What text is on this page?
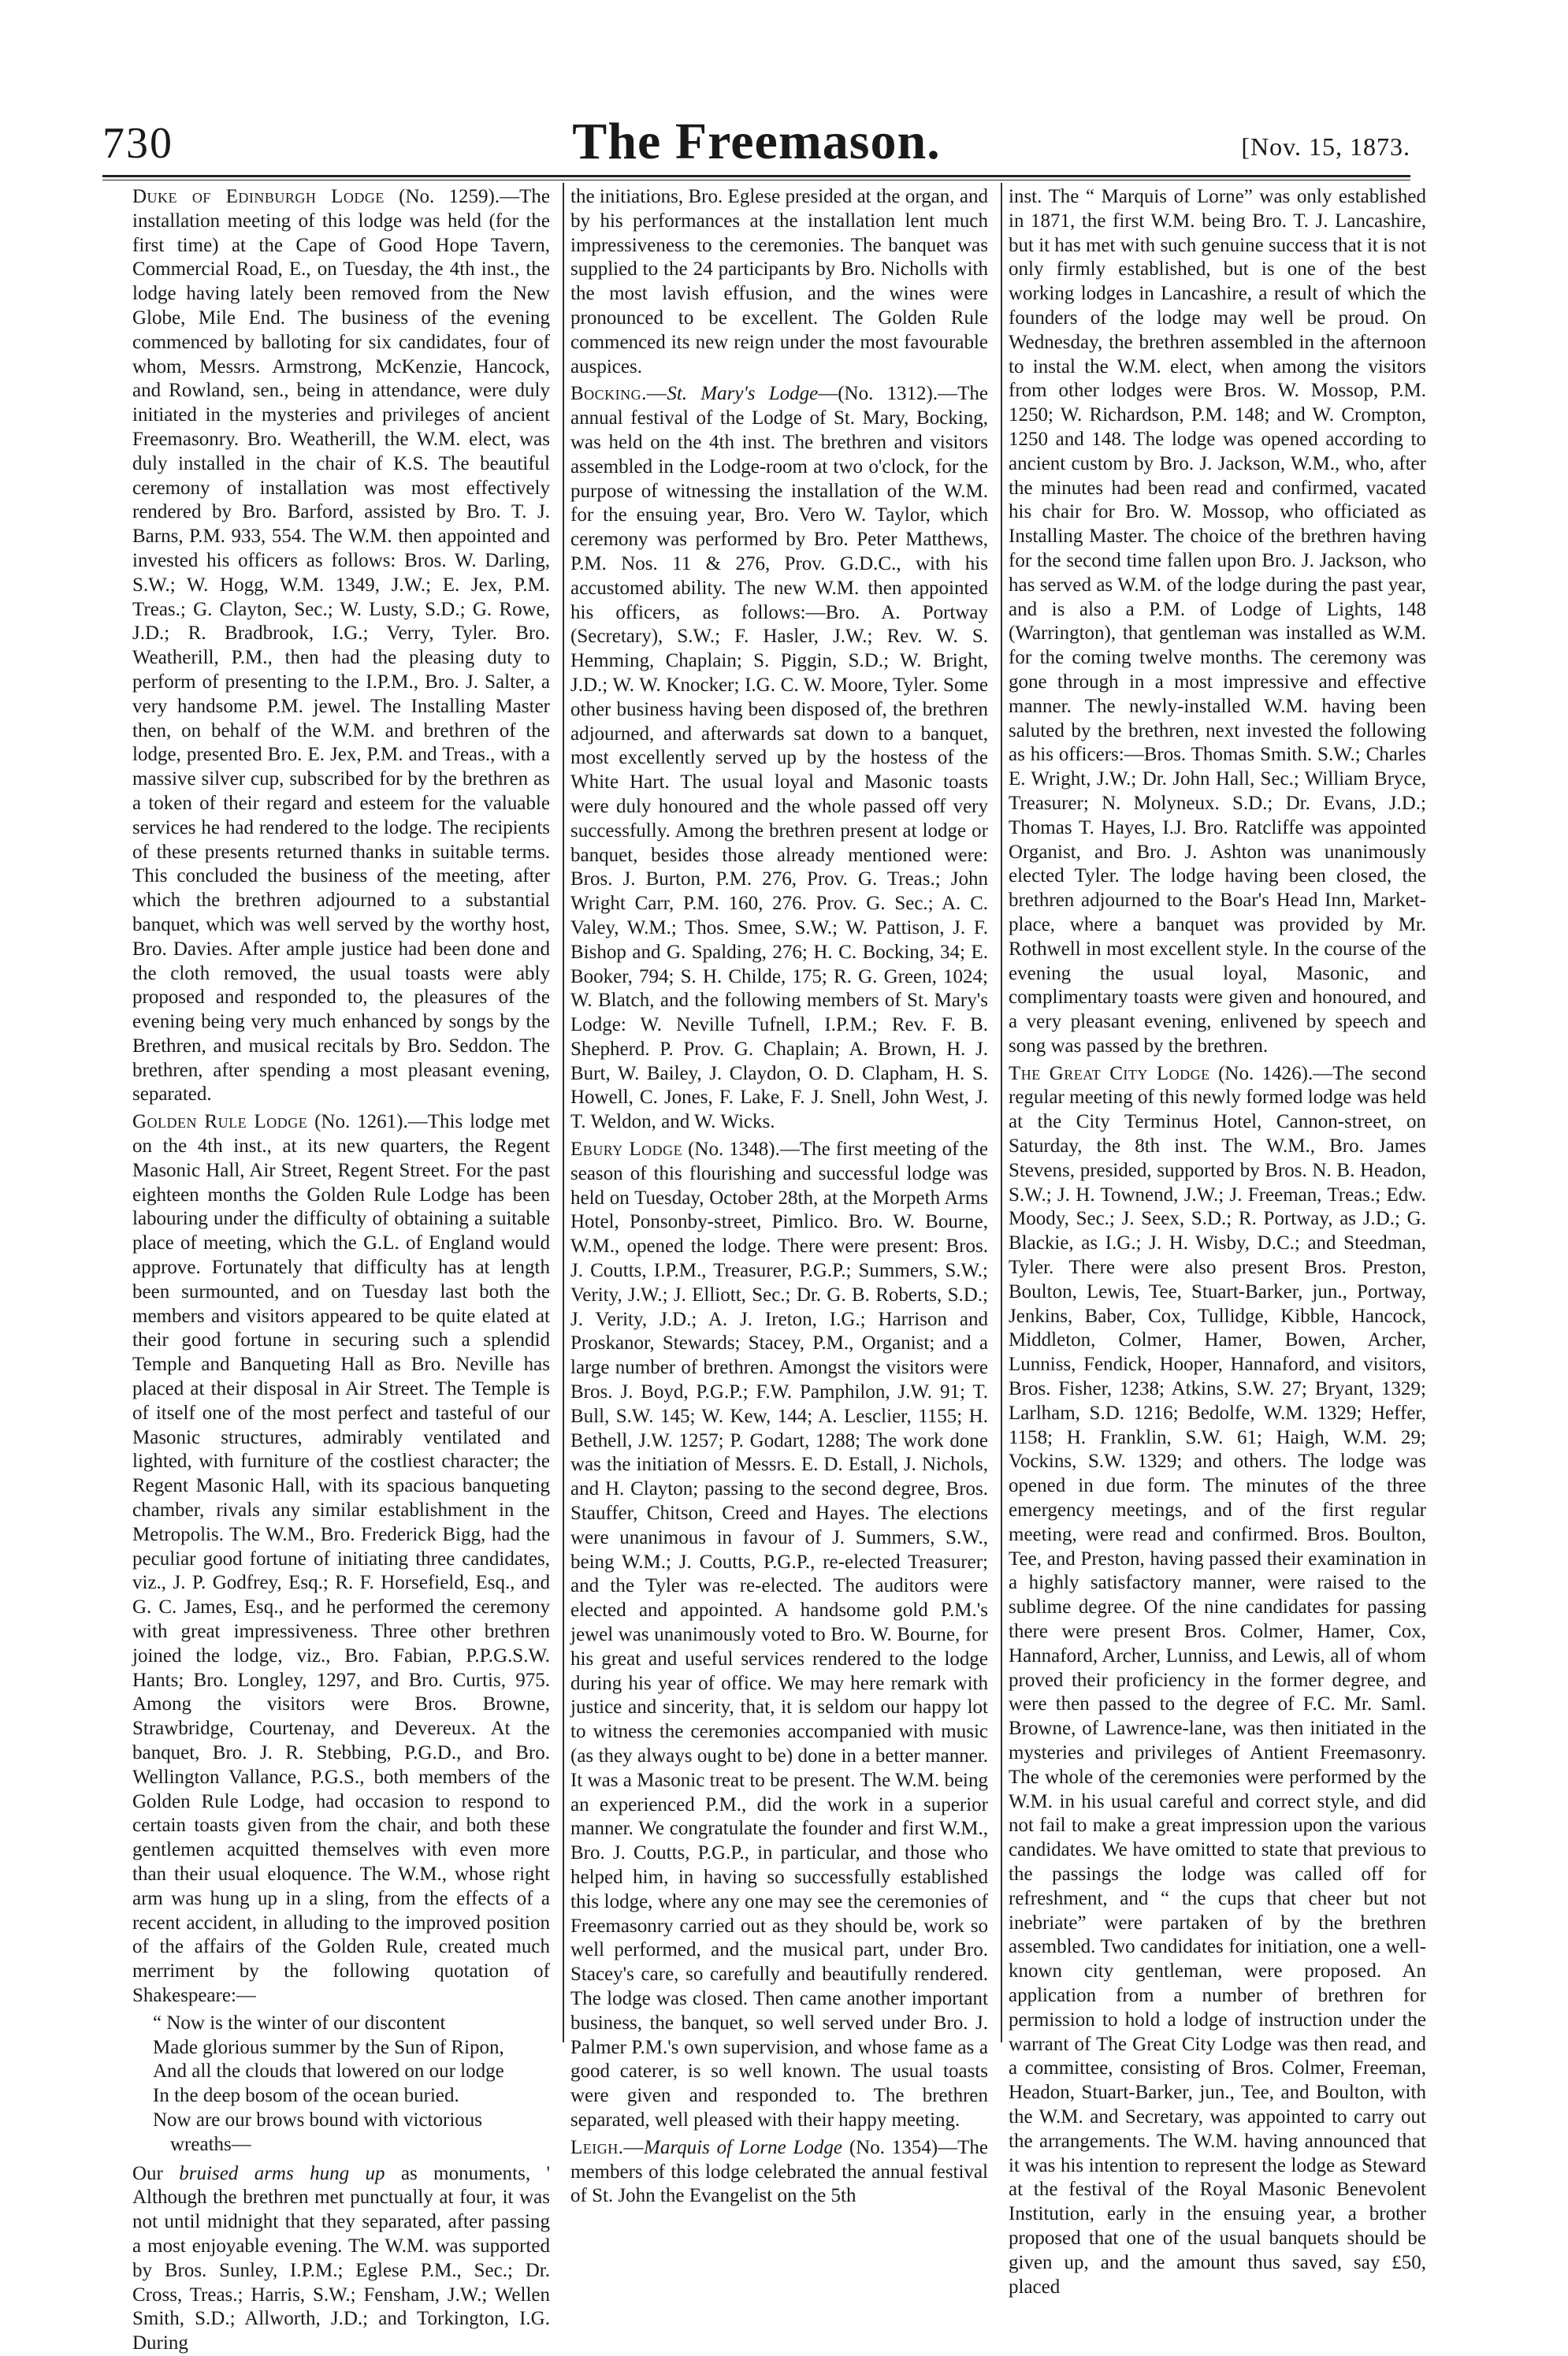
730	The Freemason.	[Nov. 15, 1873.

Duke of Edinburgh Lodge (No. 1259).—The installation meeting of this lodge was held (for the first time) at the Cape of Good Hope Tavern, Commercial Road, E., on Tuesday, the 4th inst., the lodge having lately been removed from the New Globe, Mile End. The business of the evening commenced by balloting for six candidates, four of whom, Messrs. Armstrong, McKenzie, Hancock, and Rowland, sen., being in attendance, were duly initiated in the mysteries and privileges of ancient Freemasonry. Bro. Weatherill, the W.M. elect, was duly installed in the chair of K.S. The beautiful ceremony of installation was most effectively rendered by Bro. Barford, assisted by Bro. T. J. Barns, P.M. 933, 554. The W.M. then appointed and invested his officers as follows: Bros. W. Darling, S.W.; W. Hogg, W.M. 1349, J.W.; E. Jex, P.M. Treas.; G. Clayton, Sec.; W. Lusty, S.D.; G. Rowe, J.D.; R. Bradbrook, I.G.; Verry, Tyler. Bro. Weatherill, P.M., then had the pleasing duty to perform of presenting to the I.P.M., Bro. J. Salter, a very handsome P.M. jewel. The Installing Master then, on behalf of the W.M. and brethren of the lodge, presented Bro. E. Jex, P.M. and Treas., with a massive silver cup, subscribed for by the brethren as a token of their regard and esteem for the valuable services he had rendered to the lodge. The recipients of these presents returned thanks in suitable terms. This concluded the business of the meeting, after which the brethren adjourned to a substantial banquet, which was well served by the worthy host, Bro. Davies. After ample justice had been done and the cloth removed, the usual toasts were ably proposed and responded to, the pleasures of the evening being very much enhanced by songs by the Brethren, and musical recitals by Bro. Seddon. The brethren, after spending a most pleasant evening, separated.

Golden Rule Lodge (No. 1261).—This lodge met on the 4th inst., at its new quarters, the Regent Masonic Hall, Air Street, Regent Street. For the past eighteen months the Golden Rule Lodge has been labouring under the difficulty of obtaining a suitable place of meeting, which the G.L. of England would approve. Fortunately that difficulty has at length been surmounted, and on Tuesday last both the members and visitors appeared to be quite elated at their good fortune in securing such a splendid Temple and Banqueting Hall as Bro. Neville has placed at their disposal in Air Street. The Temple is of itself one of the most perfect and tasteful of our Masonic structures, admirably ventilated and lighted, with furniture of the costliest character; the Regent Masonic Hall, with its spacious banqueting chamber, rivals any similar establishment in the Metropolis. The W.M., Bro. Frederick Bigg, had the peculiar good fortune of initiating three candidates, viz., J. P. Godfrey, Esq.; R. F. Horsefield, Esq., and G. C. James, Esq., and he performed the ceremony with great impressiveness. Three other brethren joined the lodge, viz., Bro. Fabian, P.P.G.S.W. Hants; Bro. Longley, 1297, and Bro. Curtis, 975. Among the visitors were Bros. Browne, Strawbridge, Courtenay, and Devereux. At the banquet, Bro. J. R. Stebbing, P.G.D., and Bro. Wellington Vallance, P.G.S., both members of the Golden Rule Lodge, had occasion to respond to certain toasts given from the chair, and both these gentlemen acquitted themselves with even more than their usual eloquence. The W.M., whose right arm was hung up in a sling, from the effects of a recent accident, in alluding to the improved position of the affairs of the Golden Rule, created much merriment by the following quotation of Shakespeare:—

“ Now is the winter of our discontent
Made glorious summer by the Sun of Ripon,
And all the clouds that lowered on our lodge
In the deep bosom of the ocean buried.
Now are our brows bound with victorious
wreaths—

Our bruised arms hung up as monuments, ' Although the brethren met punctually at four, it was not until midnight that they separated, after passing a most enjoyable evening. The W.M. was supported by Bros. Sunley, I.P.M.; Eglese P.M., Sec.; Dr. Cross, Treas.; Harris, S.W.; Fensham, J.W.; Wellen Smith, S.D.; Allworth, J.D.; and Torkington, I.G. During

the initiations, Bro. Eglese presided at the organ, and by his performances at the installation lent much impressiveness to the ceremonies. The banquet was supplied to the 24 participants by Bro. Nicholls with the most lavish effusion, and the wines were pronounced to be excellent. The Golden Rule commenced its new reign under the most favourable auspices.

Bocking.—St. Mary's Lodge—(No. 1312).—The annual festival of the Lodge of St. Mary, Bocking, was held on the 4th inst. The brethren and visitors assembled in the Lodge-room at two o'clock, for the purpose of witnessing the installation of the W.M. for the ensuing year, Bro. Vero W. Taylor, which ceremony was performed by Bro. Peter Matthews, P.M. Nos. 11 & 276, Prov. G.D.C., with his accustomed ability. The new W.M. then appointed his officers, as follows:—Bro. A. Portway (Secretary), S.W.; F. Hasler, J.W.; Rev. W. S. Hemming, Chaplain; S. Piggin, S.D.; W. Bright, J.D.; W. W. Knocker; I.G. C. W. Moore, Tyler. Some other business having been disposed of, the brethren adjourned, and afterwards sat down to a banquet, most excellently served up by the hostess of the White Hart. The usual loyal and Masonic toasts were duly honoured and the whole passed off very successfully. Among the brethren present at lodge or banquet, besides those already mentioned were: Bros. J. Burton, P.M. 276, Prov. G. Treas.; John Wright Carr, P.M. 160, 276. Prov. G. Sec.; A. C. Valey, W.M.; Thos. Smee, S.W.; W. Pattison, J. F. Bishop and G. Spalding, 276; H. C. Bocking, 34; E. Booker, 794; S. H. Childe, 175; R. G. Green, 1024; W. Blatch, and the following members of St. Mary's Lodge: W. Neville Tufnell, I.P.M.; Rev. F. B. Shepherd. P. Prov. G. Chaplain; A. Brown, H. J. Burt, W. Bailey, J. Claydon, O. D. Clapham, H. S. Howell, C. Jones, F. Lake, F. J. Snell, John West, J. T. Weldon, and W. Wicks.

Ebury Lodge (No. 1348).—The first meeting of the season of this flourishing and successful lodge was held on Tuesday, October 28th, at the Morpeth Arms Hotel, Ponsonby-street, Pimlico. Bro. W. Bourne, W.M., opened the lodge. There were present: Bros. J. Coutts, I.P.M., Treasurer, P.G.P.; Summers, S.W.; Verity, J.W.; J. Elliott, Sec.; Dr. G. B. Roberts, S.D.; J. Verity, J.D.; A. J. Ireton, I.G.; Harrison and Proskanor, Stewards; Stacey, P.M., Organist; and a large number of brethren. Amongst the visitors were Bros. J. Boyd, P.G.P.; F.W. Pamphilon, J.W. 91; T. Bull, S.W. 145; W. Kew, 144; A. Lesclier, 1155; H. Bethell, J.W. 1257; P. Godart, 1288; The work done was the initiation of Messrs. E. D. Estall, J. Nichols, and H. Clayton; passing to the second degree, Bros. Stauffer, Chitson, Creed and Hayes. The elections were unanimous in favour of J. Summers, S.W., being W.M.; J. Coutts, P.G.P., re-elected Treasurer; and the Tyler was re-elected. The auditors were elected and appointed. A handsome gold P.M.'s jewel was unanimously voted to Bro. W. Bourne, for his great and useful services rendered to the lodge during his year of office. We may here remark with justice and sincerity, that, it is seldom our happy lot to witness the ceremonies accompanied with music (as they always ought to be) done in a better manner. It was a Masonic treat to be present. The W.M. being an experienced P.M., did the work in a superior manner. We congratulate the founder and first W.M., Bro. J. Coutts, P.G.P., in particular, and those who helped him, in having so successfully established this lodge, where any one may see the ceremonies of Freemasonry carried out as they should be, work so well performed, and the musical part, under Bro. Stacey's care, so carefully and beautifully rendered. The lodge was closed. Then came another important business, the banquet, so well served under Bro. J. Palmer P.M.'s own supervision, and whose fame as a good caterer, is so well known. The usual toasts were given and responded to. The brethren separated, well pleased with their happy meeting.

Leigh.—Marquis of Lorne Lodge (No. 1354)—The members of this lodge celebrated the annual festival of St. John the Evangelist on the 5th

inst. The “ Marquis of Lorne” was only established in 1871, the first W.M. being Bro. T. J. Lancashire, but it has met with such genuine success that it is not only firmly established, but is one of the best working lodges in Lancashire, a result of which the founders of the lodge may well be proud. On Wednesday, the brethren assembled in the afternoon to instal the W.M. elect, when among the visitors from other lodges were Bros. W. Mossop, P.M. 1250; W. Richardson, P.M. 148; and W. Crompton, 1250 and 148. The lodge was opened according to ancient custom by Bro. J. Jackson, W.M., who, after the minutes had been read and confirmed, vacated his chair for Bro. W. Mossop, who officiated as Installing Master. The choice of the brethren having for the second time fallen upon Bro. J. Jackson, who has served as W.M. of the lodge during the past year, and is also a P.M. of Lodge of Lights, 148 (Warrington), that gentleman was installed as W.M. for the coming twelve months. The ceremony was gone through in a most impressive and effective manner. The newly-installed W.M. having been saluted by the brethren, next invested the following as his officers:—Bros. Thomas Smith. S.W.; Charles E. Wright, J.W.; Dr. John Hall, Sec.; William Bryce, Treasurer; N. Molyneux. S.D.; Dr. Evans, J.D.; Thomas T. Hayes, I.J. Bro. Ratcliffe was appointed Organist, and Bro. J. Ashton was unanimously elected Tyler. The lodge having been closed, the brethren adjourned to the Boar's Head Inn, Market-place, where a banquet was provided by Mr. Rothwell in most excellent style. In the course of the evening the usual loyal, Masonic, and complimentary toasts were given and honoured, and a very pleasant evening, enlivened by speech and song was passed by the brethren.

The Great City Lodge (No. 1426).—The second regular meeting of this newly formed lodge was held at the City Terminus Hotel, Cannon-street, on Saturday, the 8th inst. The W.M., Bro. James Stevens, presided, supported by Bros. N. B. Headon, S.W.; J. H. Townend, J.W.; J. Freeman, Treas.; Edw. Moody, Sec.; J. Seex, S.D.; R. Portway, as J.D.; G. Blackie, as I.G.; J. H. Wisby, D.C.; and Steedman, Tyler. There were also present Bros. Preston, Boulton, Lewis, Tee, Stuart-Barker, jun., Portway, Jenkins, Baber, Cox, Tullidge, Kibble, Hancock, Middleton, Colmer, Hamer, Bowen, Archer, Lunniss, Fendick, Hooper, Hannaford, and visitors, Bros. Fisher, 1238; Atkins, S.W. 27; Bryant, 1329; Larlham, S.D. 1216; Bedolfe, W.M. 1329; Heffer, 1158; H. Franklin, S.W. 61; Haigh, W.M. 29; Vockins, S.W. 1329; and others. The lodge was opened in due form. The minutes of the three emergency meetings, and of the first regular meeting, were read and confirmed. Bros. Boulton, Tee, and Preston, having passed their examination in a highly satisfactory manner, were raised to the sublime degree. Of the nine candidates for passing there were present Bros. Colmer, Hamer, Cox, Hannaford, Archer, Lunniss, and Lewis, all of whom proved their proficiency in the former degree, and were then passed to the degree of F.C. Mr. Saml. Browne, of Lawrence-lane, was then initiated in the mysteries and privileges of Antient Freemasonry. The whole of the ceremonies were performed by the W.M. in his usual careful and correct style, and did not fail to make a great impression upon the various candidates. We have omitted to state that previous to the passings the lodge was called off for refreshment, and “ the cups that cheer but not inebriate” were partaken of by the brethren assembled. Two candidates for initiation, one a well-known city gentleman, were proposed. An application from a number of brethren for permission to hold a lodge of instruction under the warrant of The Great City Lodge was then read, and a committee, consisting of Bros. Colmer, Freeman, Headon, Stuart-Barker, jun., Tee, and Boulton, with the W.M. and Secretary, was appointed to carry out the arrangements. The W.M. having announced that it was his intention to represent the lodge as Steward at the festival of the Royal Masonic Benevolent Institution, early in the ensuing year, a brother proposed that one of the usual banquets should be given up, and the amount thus saved, say £50, placed
